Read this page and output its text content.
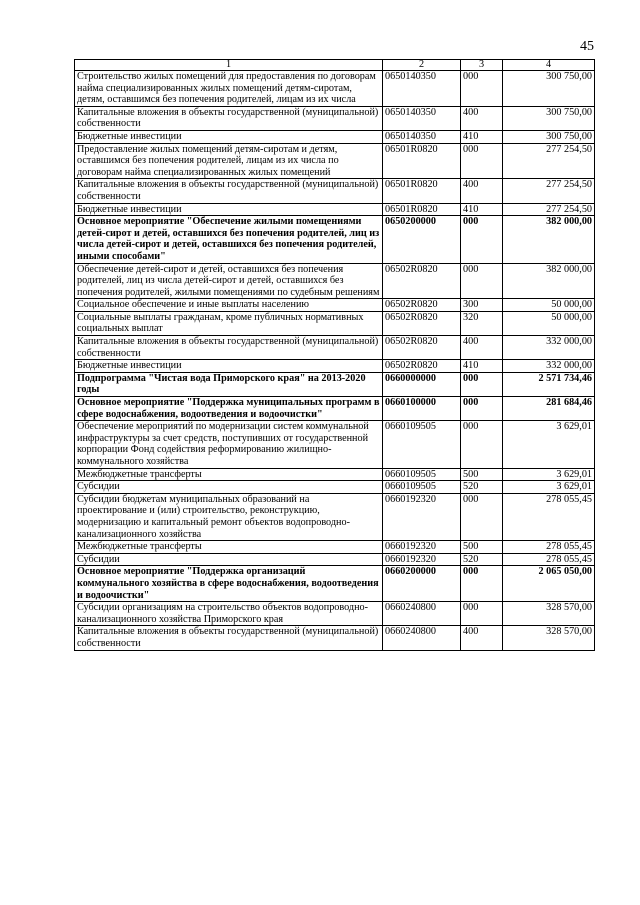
45
1	2	3	4
Строительство жилых помещений для предоставления по договорам найма специализированных жилых помещений детям-сиротам, детям, оставшимся без попечения родителей, лицам из их числа	0650140350	000	300 750,00
Капитальные вложения в объекты государственной (муниципальной) собственности	0650140350	400	300 750,00
Бюджетные инвестиции	0650140350	410	300 750,00
Предоставление жилых помещений детям-сиротам и детям, оставшимся без попечения родителей, лицам из их числа по договорам найма специализированных жилых помещений	06501R0820	000	277 254,50
Капитальные вложения в объекты государственной (муниципальной) собственности	06501R0820	400	277 254,50
Бюджетные инвестиции	06501R0820	410	277 254,50
Основное мероприятие "Обеспечение жилыми помещениями детей-сирот и детей, оставшихся без попечения родителей, лиц из числа детей-сирот и детей, оставшихся без попечения родителей, иными способами"	0650200000	000	382 000,00
Обеспечение детей-сирот и детей, оставшихся без попечения родителей, лиц из числа детей-сирот и детей, оставшихся без попечения родителей, жилыми помещениями по судебным решениям	06502R0820	000	382 000,00
Социальное обеспечение и иные выплаты населению	06502R0820	300	50 000,00
Социальные выплаты гражданам, кроме публичных нормативных социальных выплат	06502R0820	320	50 000,00
Капитальные вложения в объекты государственной (муниципальной) собственности	06502R0820	400	332 000,00
Бюджетные инвестиции	06502R0820	410	332 000,00
Подпрограмма "Чистая вода Приморского края" на 2013-2020 годы	0660000000	000	2 571 734,46
Основное мероприятие "Поддержка муниципальных программ в сфере водоснабжения, водоотведения и водоочистки"	0660100000	000	281 684,46
Обеспечение мероприятий по модернизации систем коммунальной инфраструктуры за счет средств, поступивших от государственной корпорации Фонд содействия реформированию жилищно-коммунального хозяйства	0660109505	000	3 629,01
Межбюджетные трансферты	0660109505	500	3 629,01
Субсидии	0660109505	520	3 629,01
Субсидии бюджетам муниципальных образований на проектирование и (или) строительство, реконструкцию, модернизацию и капитальный ремонт объектов водопроводно-канализационного хозяйства	0660192320	000	278 055,45
Межбюджетные трансферты	0660192320	500	278 055,45
Субсидии	0660192320	520	278 055,45
Основное мероприятие "Поддержка организаций коммунального хозяйства в сфере водоснабжения, водоотведения и водоочистки"	0660200000	000	2 065 050,00
Субсидии организациям на строительство объектов водопроводно-канализационного хозяйства Приморского края	0660240800	000	328 570,00
Капитальные вложения в объекты государственной (муниципальной) собственности	0660240800	400	328 570,00
